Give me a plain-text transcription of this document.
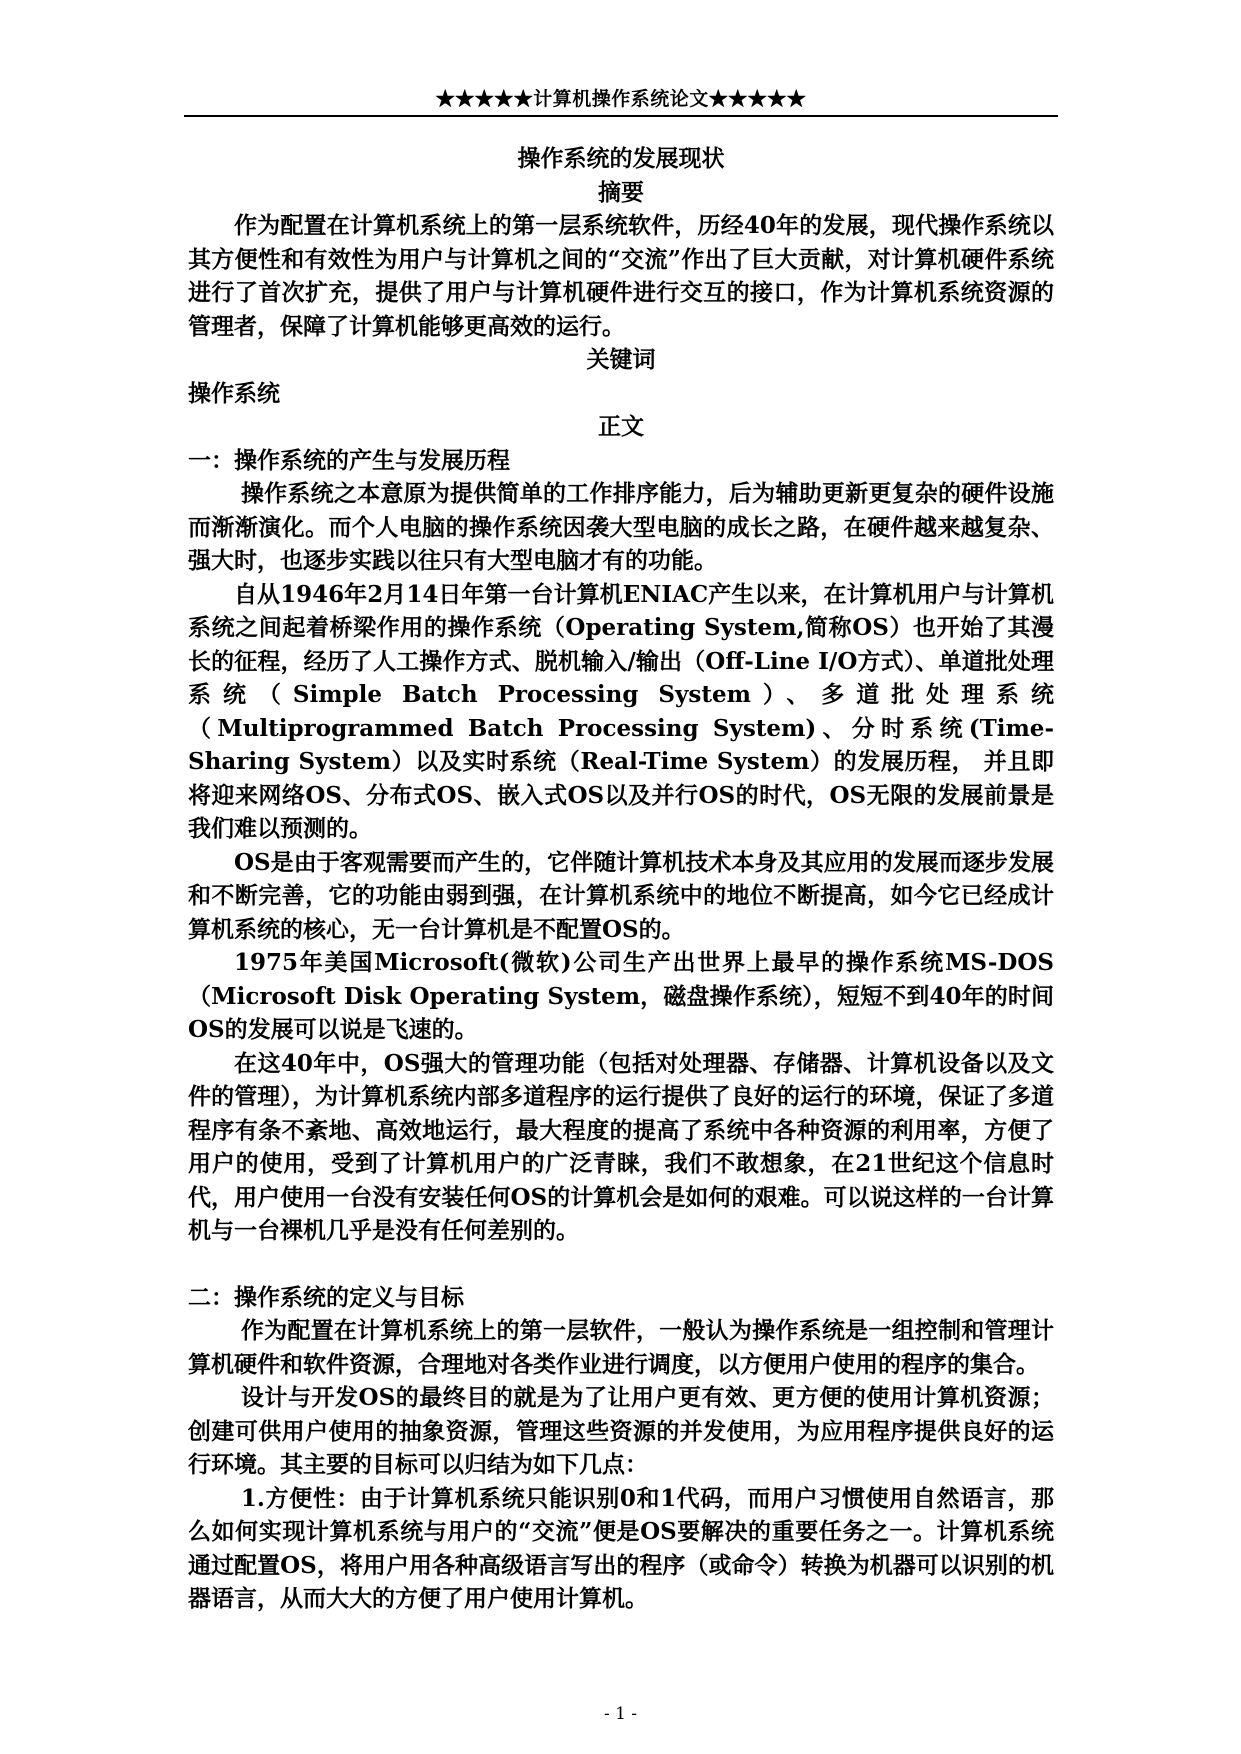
★★★★★计算机操作系统论文★★★★★

操作系统的发展现状

摘要

作为配置在计算机系统上的第一层系统软件，历经40年的发展，现代操作系统以其方便性和有效性为用户与计算机之间的“交流”作出了巨大贡献，对计算机硬件系统进行了首次扩充，提供了用户与计算机硬件进行交互的接口，作为计算机系统资源的管理者，保障了计算机能够更高效的运行。

关键词

操作系统

正文

一：操作系统的产生与发展历程

操作系统之本意原为提供简单的工作排序能力，后为辅助更新更复杂的硬件设施而渐渐演化。而个人电脑的操作系统因袭大型电脑的成长之路，在硬件越来越复杂、强大时，也逐步实践以往只有大型电脑才有的功能。

自从1946年2月14日年第一台计算机ENIAC产生以来，在计算机用户与计算机系统之间起着桥梁作用的操作系统（Operating System,简称OS）也开始了其漫长的征程，经历了人工操作方式、脱机输入/输出（Off-Line I/O方式）、单道批处理系统（Simple Batch Processing System）、多道批处理系统（Multiprogrammed Batch Processing System)、分时系统(Time-Sharing System）以及实时系统（Real-Time System）的发展历程， 并且即将迎来网络OS、分布式OS、嵌入式OS以及并行OS的时代，OS无限的发展前景是我们难以预测的。

OS是由于客观需要而产生的，它伴随计算机技术本身及其应用的发展而逐步发展和不断完善，它的功能由弱到强，在计算机系统中的地位不断提高，如今它已经成计算机系统的核心，无一台计算机是不配置OS的。

1975年美国Microsoft(微软)公司生产出世界上最早的操作系统MS-DOS（Microsoft Disk Operating System，磁盘操作系统），短短不到40年的时间OS的发展可以说是飞速的。

在这40年中，OS强大的管理功能（包括对处理器、存储器、计算机设备以及文件的管理），为计算机系统内部多道程序的运行提供了良好的运行的环境，保证了多道程序有条不紊地、高效地运行，最大程度的提高了系统中各种资源的利用率，方便了用户的使用，受到了计算机用户的广泛青睐，我们不敢想象，在21世纪这个信息时代，用户使用一台没有安装任何OS的计算机会是如何的艰难。可以说这样的一台计算机与一台裸机几乎是没有任何差别的。

二：操作系统的定义与目标

作为配置在计算机系统上的第一层软件，一般认为操作系统是一组控制和管理计算机硬件和软件资源，合理地对各类作业进行调度，以方便用户使用的程序的集合。

设计与开发OS的最终目的就是为了让用户更有效、更方便的使用计算机资源；创建可供用户使用的抽象资源，管理这些资源的并发使用，为应用程序提供良好的运行环境。其主要的目标可以归结为如下几点：

1.方便性：由于计算机系统只能识别0和1代码，而用户习惯使用自然语言，那么如何实现计算机系统与用户的“交流”便是OS要解决的重要任务之一。计算机系统通过配置OS，将用户用各种高级语言写出的程序（或命令）转换为机器可以识别的机器语言，从而大大的方便了用户使用计算机。

- 1 -
